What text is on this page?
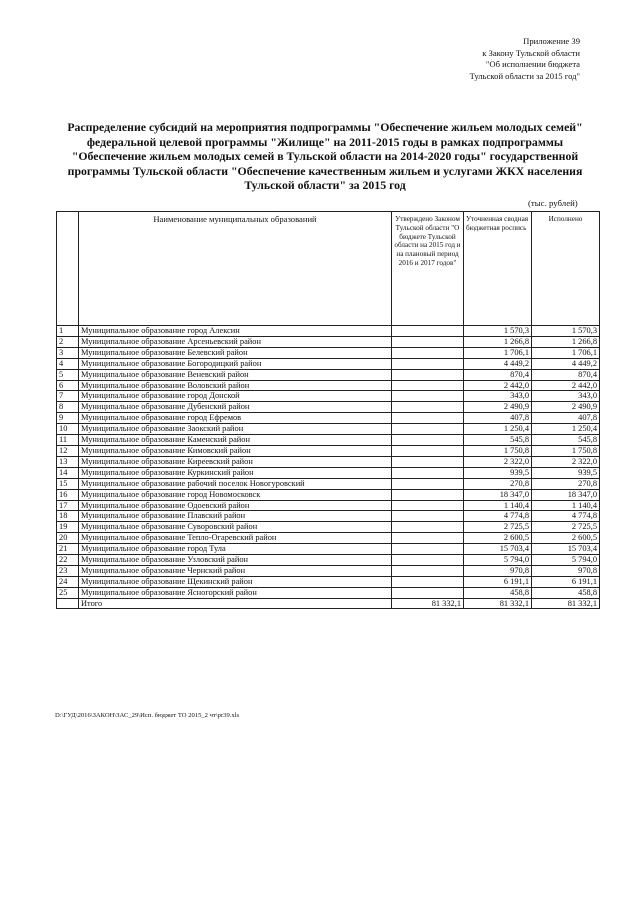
Приложение 39
к Закону Тульской области
"Об исполнении бюджета
Тульской области за 2015 год"
Распределение субсидий на мероприятия подпрограммы "Обеспечение жильем молодых семей" федеральной целевой программы "Жилище" на 2011-2015 годы в рамках подпрограммы "Обеспечение жильем молодых семей в Тульской области на 2014-2020 годы" государственной программы Тульской области "Обеспечение качественным жильем и услугами ЖКХ населения Тульской области" за 2015 год
(тыс. рублей)
	Наименование муниципальных образований	Утверждено Законом Тульской области "О бюджете Тульской области на 2015 год и на плановый период 2016 и 2017 годов"	Уточненная сводная бюджетная роспись	Исполнено
1	Муниципальное образование город Алексин		1 570,3	1 570,3
2	Муниципальное образование Арсеньевский район		1 266,8	1 266,8
3	Муниципальное образование Белевский район		1 706,1	1 706,1
4	Муниципальное образование Богородицкий район		4 449,2	4 449,2
5	Муниципальное образование Веневский район		870,4	870,4
6	Муниципальное образование Воловский район		2 442,0	2 442,0
7	Муниципальное образование город Донской		343,0	343,0
8	Муниципальное образование Дубенский район		2 490,9	2 490,9
9	Муниципальное образование город Ефремов		407,8	407,8
10	Муниципальное образование Заокский район		1 250,4	1 250,4
11	Муниципальное образование Каменский район		545,8	545,8
12	Муниципальное образование Кимовский район		1 750,8	1 750,8
13	Муниципальное образование Киреевский район		2 322,0	2 322,0
14	Муниципальное образование Куркинский район		939,5	939,5
15	Муниципальное образование рабочий поселок Новогуровский		270,8	270,8
16	Муниципальное образование город Новомосковск		18 347,0	18 347,0
17	Муниципальное образование Одоевский район		1 140,4	1 140,4
18	Муниципальное образование Плавский район		4 774,8	4 774,8
19	Муниципальное образование Суворовский район		2 725,5	2 725,5
20	Муниципальное образование Тепло-Огаревский район		2 600,5	2 600,5
21	Муниципальное образование город Тула		15 703,4	15 703,4
22	Муниципальное образование Узловский район		5 794,0	5 794,0
23	Муниципальное образование Чернский район		970,8	970,8
24	Муниципальное образование Щекинский район		6 191,1	6 191,1
25	Муниципальное образование Ясногорский район		458,8	458,8
	Итого	81 332,1	81 332,1	81 332,1
D:\ГУД\2016\ЗАКОН\ЗАС_29\Исп. бюджет ТО 2015_2 чт\pr39.xls
